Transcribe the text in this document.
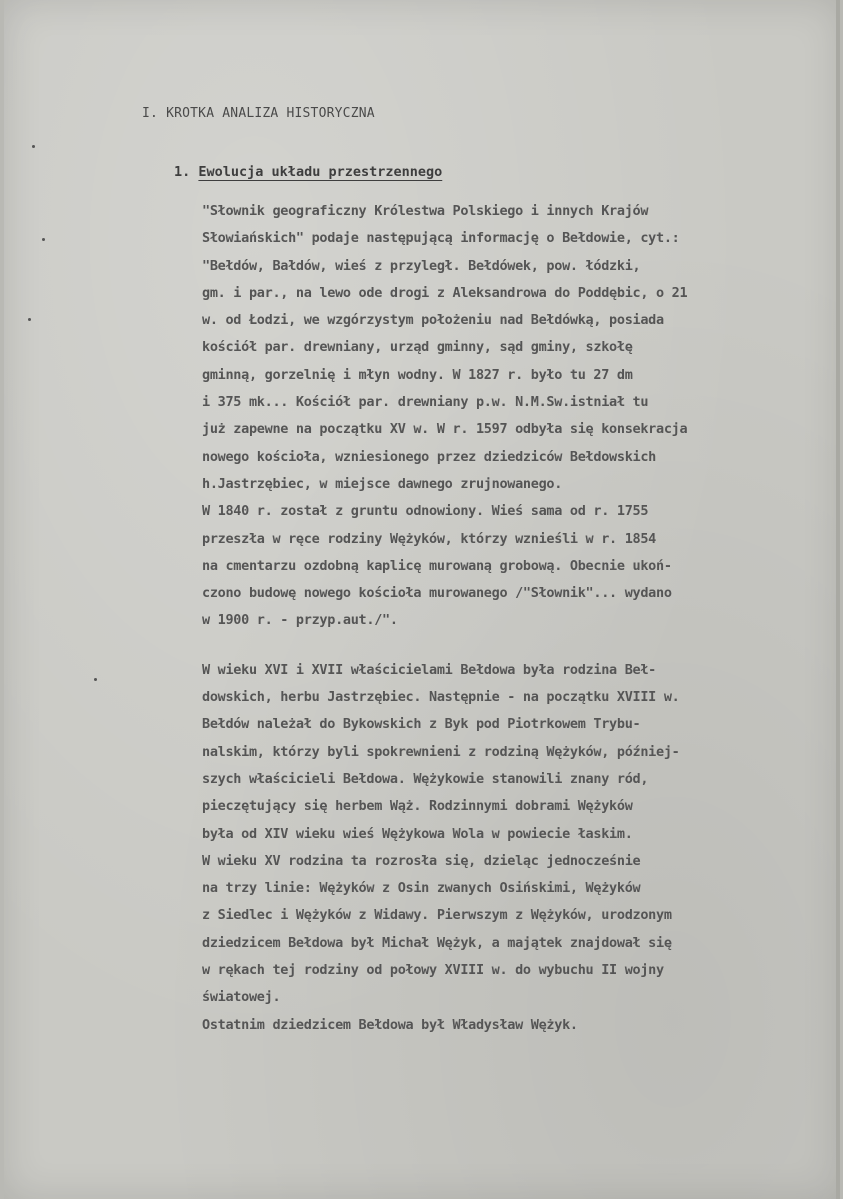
I. KROTKA ANALIZA HISTORYCZNA
1. Ewolucja układu przestrzennego
"Słownik geograficzny Królestwa Polskiego i innych Krajów
Słowiańskich" podaje następującą informację o Bełdowie, cyt.:
"Bełdów, Bałdów, wieś z przyległ. Bełdówek, pow. łódzki,
gm. i par., na lewo ode drogi z Aleksandrowa do Poddębic, o 21
w. od Łodzi, we wzgórzystym położeniu nad Bełdówką, posiada
kościół par. drewniany, urząd gminny, sąd gminy, szkołę
gminną, gorzelnię i młyn wodny. W 1827 r. było tu 27 dm
i 375 mk... Kościół par. drewniany p.w. N.M.Sw.istniał tu
już zapewne na początku XV w. W r. 1597 odbyła się konsekracja
nowego kościoła, wzniesionego przez dziedziców Bełdowskich
h.Jastrzębiec, w miejsce dawnego zrujnowanego.
W 1840 r. został z gruntu odnowiony. Wieś sama od r. 1755
przeszła w ręce rodziny Wężyków, którzy wznieśli w r. 1854
na cmentarzu ozdobną kaplicę murowaną grobową. Obecnie ukoń-
czono budowę nowego kościoła murowanego /"Słownik"... wydano
w 1900 r. - przyp.aut./".
W wieku XVI i XVII właścicielami Bełdowa była rodzina Beł-
dowskich, herbu Jastrzębiec. Następnie - na początku XVIII w.
Bełdów należał do Bykowskich z Byk pod Piotrkowem Trybu-
nalskim, którzy byli spokrewnieni z rodziną Wężyków, później-
szych właścicieli Bełdowa. Wężykowie stanowili znany ród,
pieczętujący się herbem Wąż. Rodzinnymi dobrami Wężyków
była od XIV wieku wieś Wężykowa Wola w powiecie łaskim.
W wieku XV rodzina ta rozrosła się, dzieląc jednocześnie
na trzy linie: Wężyków z Osin zwanych Osińskimi, Wężyków
z Siedlec i Wężyków z Widawy. Pierwszym z Wężyków, urodzonym
dziedzicem Bełdowa był Michał Wężyk, a majątek znajdował się
w rękach tej rodziny od połowy XVIII w. do wybuchu II wojny
światowej.
Ostatnim dziedzicem Bełdowa był Władysław Wężyk.
